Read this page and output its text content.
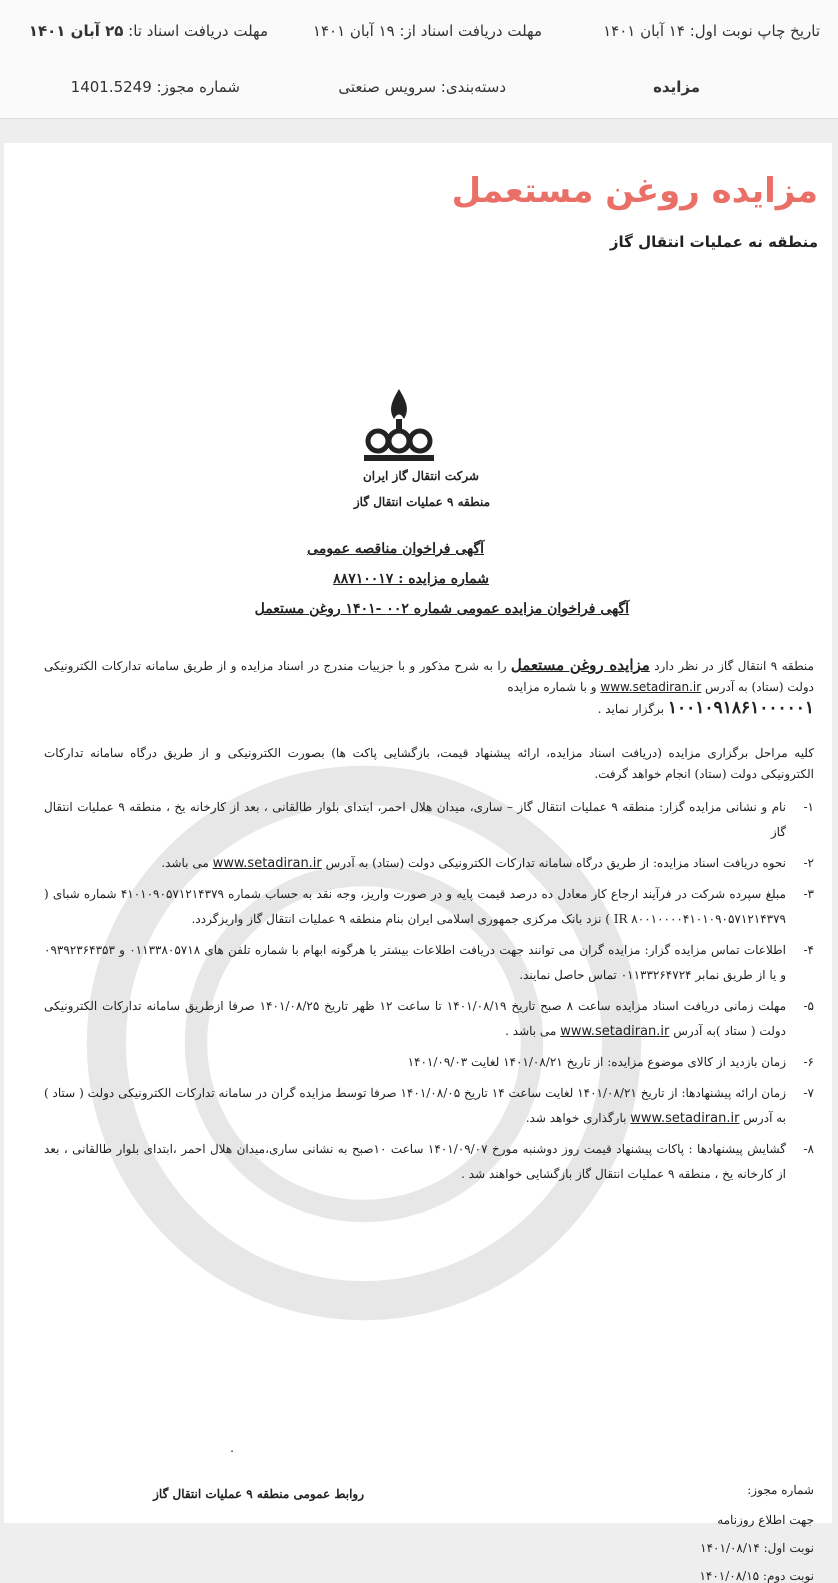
تاریخ چاپ نوبت اول: ۱۴ آبان ۱۴۰۱
مهلت دریافت اسناد از: ۱۹ آبان ۱۴۰۱
مهلت دریافت اسناد تا: ۲۵ آبان ۱۴۰۱
مزایده
دسته‌بندی: سرویس صنعتی
شماره مجوز: 1401.5249
مزایده روغن مستعمل
منطقه نه عملیات انتقال گاز
شرکت انتقال گاز ایران
منطقه ۹ عملیات انتقال گاز
آگهی فراخوان مناقصه عمومی
شماره مزایده : ۸۸۷۱۰۰۱۷
آگهی فراخوان مزایده عمومی شماره ۰۰۲ -۱۴۰۱ روغن مستعمل
منطقه ۹ انتقال گاز در نظر دارد مزایده روغن مستعمل را به شرح مذکور و با جزییات مندرج در اسناد مزایده و از طریق سامانه تدارکات الکترونیکی دولت (ستاد) به آدرس www.setadiran.ir و با شماره مزایده
۱۰۰۱۰۹۱۸۶۱۰۰۰۰۰۱ برگزار نماید .
کلیه مراحل برگزاری مزایده (دریافت اسناد مزایده، ارائه پیشنهاد قیمت، بازگشایی پاکت ها) بصورت الکترونیکی و از طریق درگاه سامانه تدارکات الکترونیکی دولت (ستاد) انجام خواهد گرفت.
۱-
نام و نشانی مزایده گزار: منطقه ۹ عملیات انتقال گاز – ساری، میدان هلال احمر، ابتدای بلوار طالقانی ، بعد از کارخانه یخ ، منطقه ۹ عملیات انتقال گاز
۲-
نحوه دریافت اسناد مزایده: از طریق درگاه سامانه تدارکات الکترونیکی دولت (ستاد) به آدرس www.setadiran.ir می باشد.
۳-
مبلغ سپرده شرکت در فرآیند ارجاع کار معادل ده درصد قیمت پایه و در صورت واریز، وجه نقد به حساب شماره ۴۱۰۱۰۹۰۵۷۱۲۱۴۳۷۹ شماره شبای ( IR ۸۰۰۱۰۰۰۰۴۱۰۱۰۹۰۵۷۱۲۱۴۳۷۹ ) نزد بانک مرکزی جمهوری اسلامی ایران بنام منطقه ۹ عملیات انتقال گاز واریزگردد.
۴-
اطلاعات تماس مزایده گزار: مزایده گران می توانند جهت دریافت اطلاعات بیشتر یا هرگونه ابهام با شماره تلفن های ۰۱۱۳۳۸۰۵۷۱۸ و ۰۹۳۹۲۳۶۴۳۵۳ و یا از طریق نمابر ۰۱۱۳۳۲۶۴۷۲۴ تماس حاصل نمایند.
۵-
مهلت زمانی دریافت اسناد مزایده ساعت ۸ صبح تاریخ ۱۴۰۱/۰۸/۱۹ تا ساعت ۱۲ ظهر تاریخ ۱۴۰۱/۰۸/۲۵ صرفا ازطریق سامانه تدارکات الکترونیکی دولت ( ستاد )به آدرس www.setadiran.ir می باشد .
۶-
زمان بازدید از کالای موضوع مزایده: از تاریخ ۱۴۰۱/۰۸/۲۱ لغایت ۱۴۰۱/۰۹/۰۳
۷-
زمان ارائه پیشنهادها: از تاریخ ۱۴۰۱/۰۸/۲۱ لغایت ساعت ۱۴ تاریخ ۱۴۰۱/۰۸/۰۵ صرفا توسط مزایده گران در سامانه تدارکات الکترونیکی دولت ( ستاد ) به آدرس www.setadiran.ir بارگذاری خواهد شد.
۸-
گشایش پیشنهادها : پاکات پیشنهاد قیمت روز دوشنبه مورخ ۱۴۰۱/۰۹/۰۷ ساعت ۱۰صبح به نشانی ساری،میدان هلال احمر ،ابتدای بلوار طالقانی ، بعد از کارخانه یخ ، منطقه ۹ عملیات انتقال گاز بازگشایی خواهند شد .
.
شماره مجوز:
جهت اطلاع روزنامه
نوبت اول: ۱۴۰۱/۰۸/۱۴
نوبت دوم: ۱۴۰۱/۰۸/۱۵
روابط عمومی منطقه ۹ عملیات انتقال گاز
